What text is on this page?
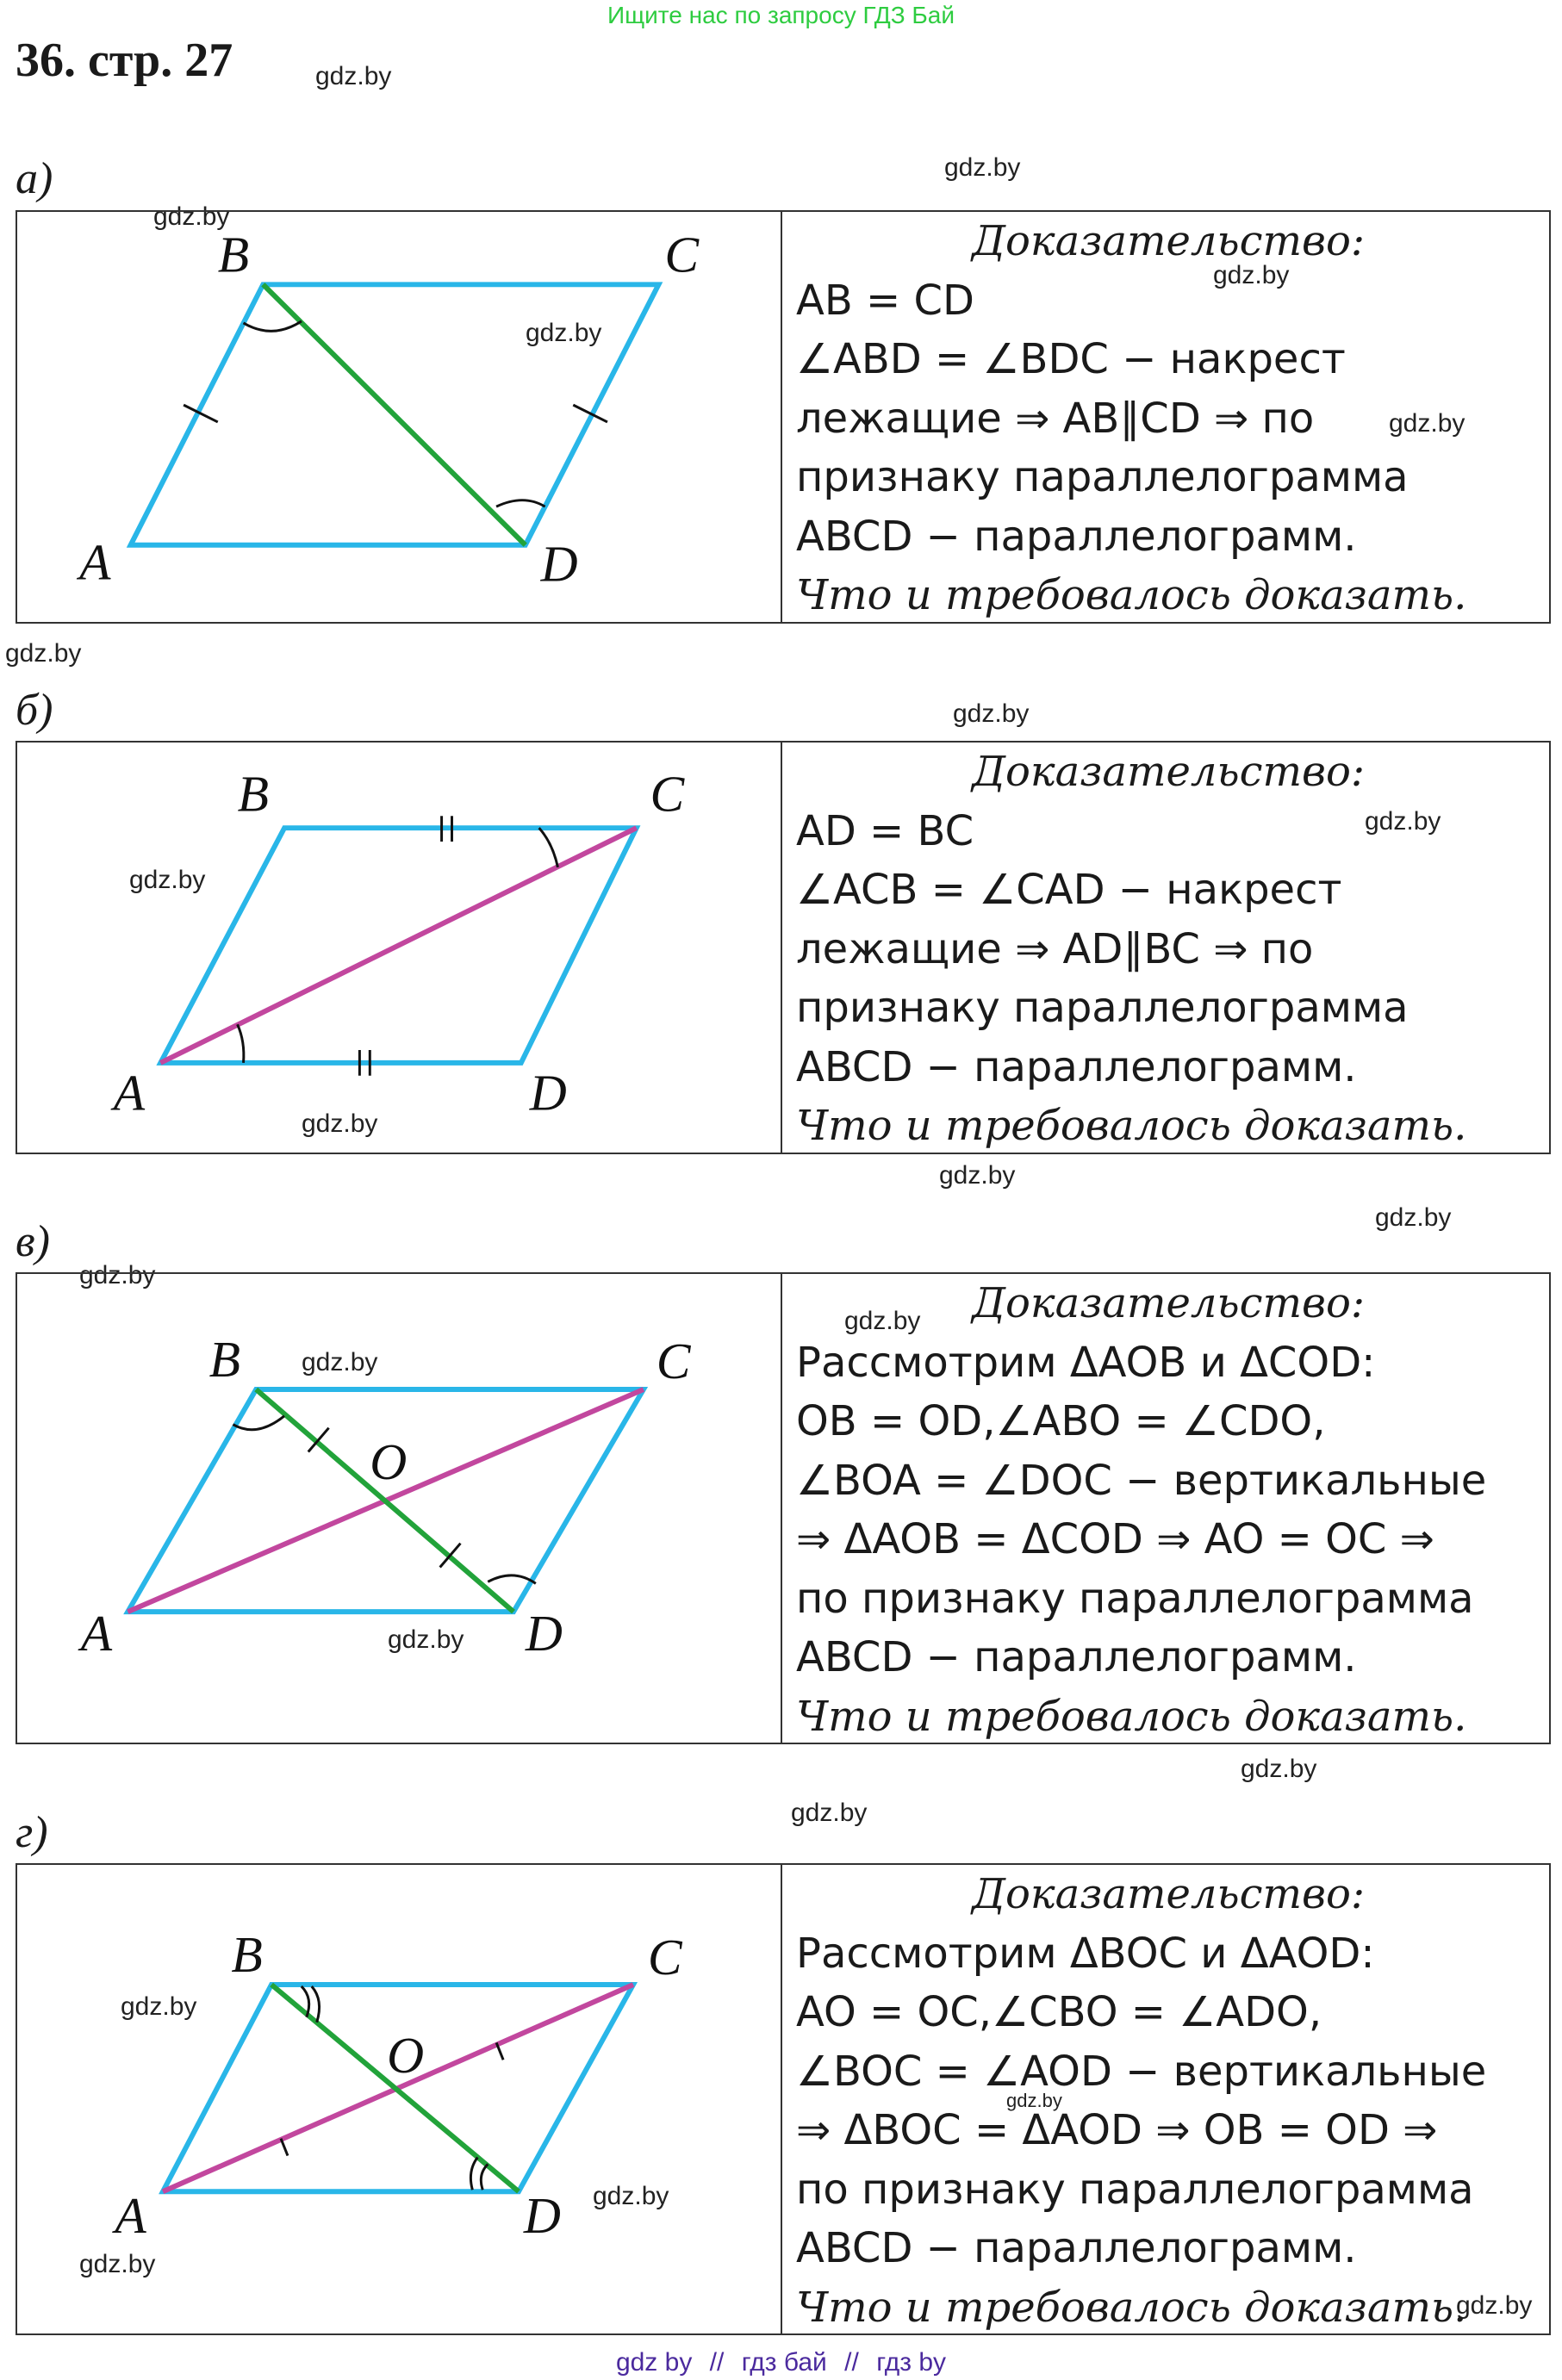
Ищите нас по запросу ГДЗ Бай
36. стр. 27	gdz.by
gdz.by
gdz.by
gdz.by
gdz.by
gdz.by
gdz.by
gdz.by
gdz.by
gdz.by
gdz.by
gdz.by
gdz.by
gdz.by
gdz.by
gdz.by
gdz.by
gdz.by
gdz.by
gdz.by
gdz.by
gdz.by
gdz.by
gdz.by
а)
A
B	C
D
Доказательство:
AB = CD
∠ABD = ∠BDC − накрест
лежащие ⇒ AB∥CD ⇒ по
признаку параллелограмма
ABCD − параллелограмм.
Что и требовалось доказать.
б)
A
B	C
D
Доказательство:
AD = BC
∠ACB = ∠CAD − накрест
лежащие ⇒ AD∥BC ⇒ по
признаку параллелограмма
ABCD − параллелограмм.
Что и требовалось доказать.
в)
A
B	C
D
O
Доказательство:
Рассмотрим ΔAOB и ΔCOD:
OB = OD,∠ABO = ∠CDO,
∠BOA = ∠DOC − вертикальные
⇒ ΔAOB = ΔCOD ⇒ AO = OC ⇒
по признаку параллелограмма
ABCD − параллелограмм.
Что и требовалось доказать.
г)
A
B	C
D
O
Доказательство:
Рассмотрим ΔBOC и ΔAOD:
AO = OC,∠CBO = ∠ADO,
∠BOC = ∠AOD − вертикальные
⇒ ΔBOC = ΔAOD ⇒ OB = OD ⇒
по признаку параллелограмма
ABCD − параллелограмм.
Что и требовалось доказать.
gdz by // гдз бай // гдз by
